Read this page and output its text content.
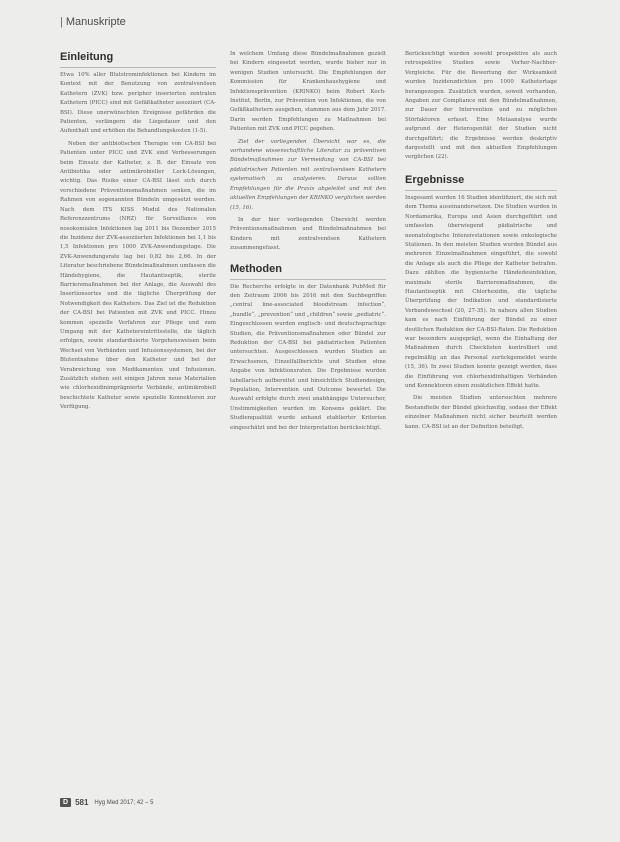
| Manuskripte
Einleitung

Etwa 10% aller Blutstrominfektionen bei Kindern im Kontext mit der Benutzung von zentralvenösen Kathetern (ZVK) bzw. peripher inserierten zentralen Kathetern (PICC) sind mit Gefäßkatheter assoziiert (CA-BSI). Diese unerwünschten Ereignisse gefährden die Patienten, verlängern die Liegedauer und den Aufenthalt und erhöhen die Behandlungskosten (1-5).

Neben der antibiotischen Therapie von CA-BSI bei Patienten unter PICC und ZVK sind Verbesserungen beim Einsatz der Katheter, z. B. der Einsatz von Antibiotika oder antimikrobieller Lock-Lösungen, wichtig. Das Risiko einer CA-BSI lässt sich durch verschiedene Präventionsmaßnahmen senken, die im Rahmen von sogenannten Bündeln umgesetzt werden. Nach dem ITS KISS Modul des Nationalen Referenzzentrums (NRZ) für Surveillance von nosokomialen Infektionen lag 2011 bis Dezember 2015 die Inzidenz der ZVK-assoziierten Infektionen bei 1,1 bis 1,5 Infektionen pro 1000 ZVK-Anwendungstage. Die ZVK-Anwendungsrate lag bei 0,82 bis 2,66. In der Literatur beschriebene Bündelmaßnahmen umfassen die Händehygiene, die Hautantiseptik, sterile Barrieremaßnahmen bei der Anlage, die Auswahl des Insertionsortes und die tägliche Überprüfung der Notwendigkeit des Katheters. Das Ziel ist die Reduktion der CA-BSI bei Patienten mit ZVK und PICC. Hinzu kommen spezielle Verfahren zur Pflege und zum Umgang mit der Kathetereintrittsstelle, die täglich erfolgen, sowie standardisierte Vorgehensweisen beim Wechsel von Verbänden und Infusionssystemen, bei der Blutentnahme über den Katheter und bei der Verabreichung von Medikamenten und Infusionen. Zusätzlich stehen seit einigen Jahren neue Materialien wie chlorhexidinimprägnierte Verbände, antimikrobiell beschichtete Katheter sowie spezielle Konnektoren zur Verfügung.

In welchem Umfang diese Bündelmaßnahmen gezielt bei Kindern eingesetzt werden, wurde bisher nur in wenigen Studien untersucht. Die Empfehlungen der Kommission für Krankenhaushygiene und Infektionsprävention (KRINKO) beim Robert Koch-Institut, Berlin, zur Prävention von Infektionen, die von Gefäßkathetern ausgehen, stammen aus dem Jahr 2017. Darin werden Empfehlungen zu Maßnahmen bei Patienten mit ZVK und PICC gegeben.

Ziel der vorliegenden Übersicht war es, die vorhandene wissenschaftliche Literatur zu präventiven Bündelmaßnahmen zur Vermeidung von CA-BSI bei pädiatrischen Patienten mit zentralvenösen Kathetern systematisch zu analysieren. Daraus sollten Empfehlungen für die Praxis abgeleitet und mit den aktuellen Empfehlungen der KRINKO verglichen werden (15, 16).

In der hier vorliegenden Übersicht werden Präventionsmaßnahmen und Bündelmaßnahmen bei Kindern mit zentralvenösen Kathetern zusammengefasst.

Methoden

Die Recherche erfolgte in der Datenbank PubMed für den Zeitraum 2006 bis 2016 mit den Suchbegriffen „central line-associated bloodstream infection“, „bundle“, „prevention“ und „children“ sowie „pediatric“. Eingeschlossen wurden englisch- und deutschsprachige Studien, die Präventionsmaßnahmen oder Bündel zur Reduktion der CA-BSI bei pädiatrischen Patienten untersuchten. Ausgeschlossen wurden Studien an Erwachsenen, Einzelfallberichte und Studien ohne Angabe von Infektionsraten. Die Ergebnisse wurden tabellarisch aufbereitet und hinsichtlich Studiendesign, Population, Intervention und Outcome bewertet. Die Auswahl erfolgte durch zwei unabhängige Untersucher, Unstimmigkeiten wurden im Konsens geklärt. Die Studienqualität wurde anhand etablierter Kriterien eingeschätzt und bei der Interpretation berücksichtigt.

Berücksichtigt wurden sowohl prospektive als auch retrospektive Studien sowie Vorher-Nachher-Vergleiche. Für die Bewertung der Wirksamkeit wurden Inzidenzdichten pro 1000 Kathetertage herangezogen. Zusätzlich wurden, soweit vorhanden, Angaben zur Compliance mit den Bündelmaßnahmen, zur Dauer der Intervention und zu möglichen Störfaktoren erfasst. Eine Metaanalyse wurde aufgrund der Heterogenität der Studien nicht durchgeführt; die Ergebnisse werden deskriptiv dargestellt und mit den aktuellen Empfehlungen verglichen (22).

Ergebnisse

Insgesamt wurden 16 Studien identifiziert, die sich mit dem Thema auseinandersetzen. Die Studien wurden in Nordamerika, Europa und Asien durchgeführt und umfassten überwiegend pädiatrische und neonatologische Intensivstationen sowie onkologische Stationen. In den meisten Studien wurden Bündel aus mehreren Einzelmaßnahmen eingeführt, die sowohl die Anlage als auch die Pflege der Katheter betrafen. Dazu zählten die hygienische Händedesinfektion, maximale sterile Barrieremaßnahmen, die Hautantiseptik mit Chlorhexidin, die tägliche Überprüfung der Indikation und standardisierte Verbandswechsel (20, 27-35). In nahezu allen Studien kam es nach Einführung der Bündel zu einer deutlichen Reduktion der CA-BSI-Raten. Die Reduktion war besonders ausgeprägt, wenn die Einhaltung der Maßnahmen durch Checklisten kontrolliert und regelmäßig an das Personal zurückgemeldet wurde (15, 36). In zwei Studien konnte gezeigt werden, dass die Einführung von chlorhexidinhaltigen Verbänden und Konnektoren einen zusätzlichen Effekt hatte.

Die meisten Studien untersuchten mehrere Bestandteile der Bündel gleichzeitig, sodass der Effekt einzelner Maßnahmen nicht sicher beurteilt werden kann. CA-BSI ist an der Definition beteiligt.

D 581 Hyg Med 2017; 42 – 5
